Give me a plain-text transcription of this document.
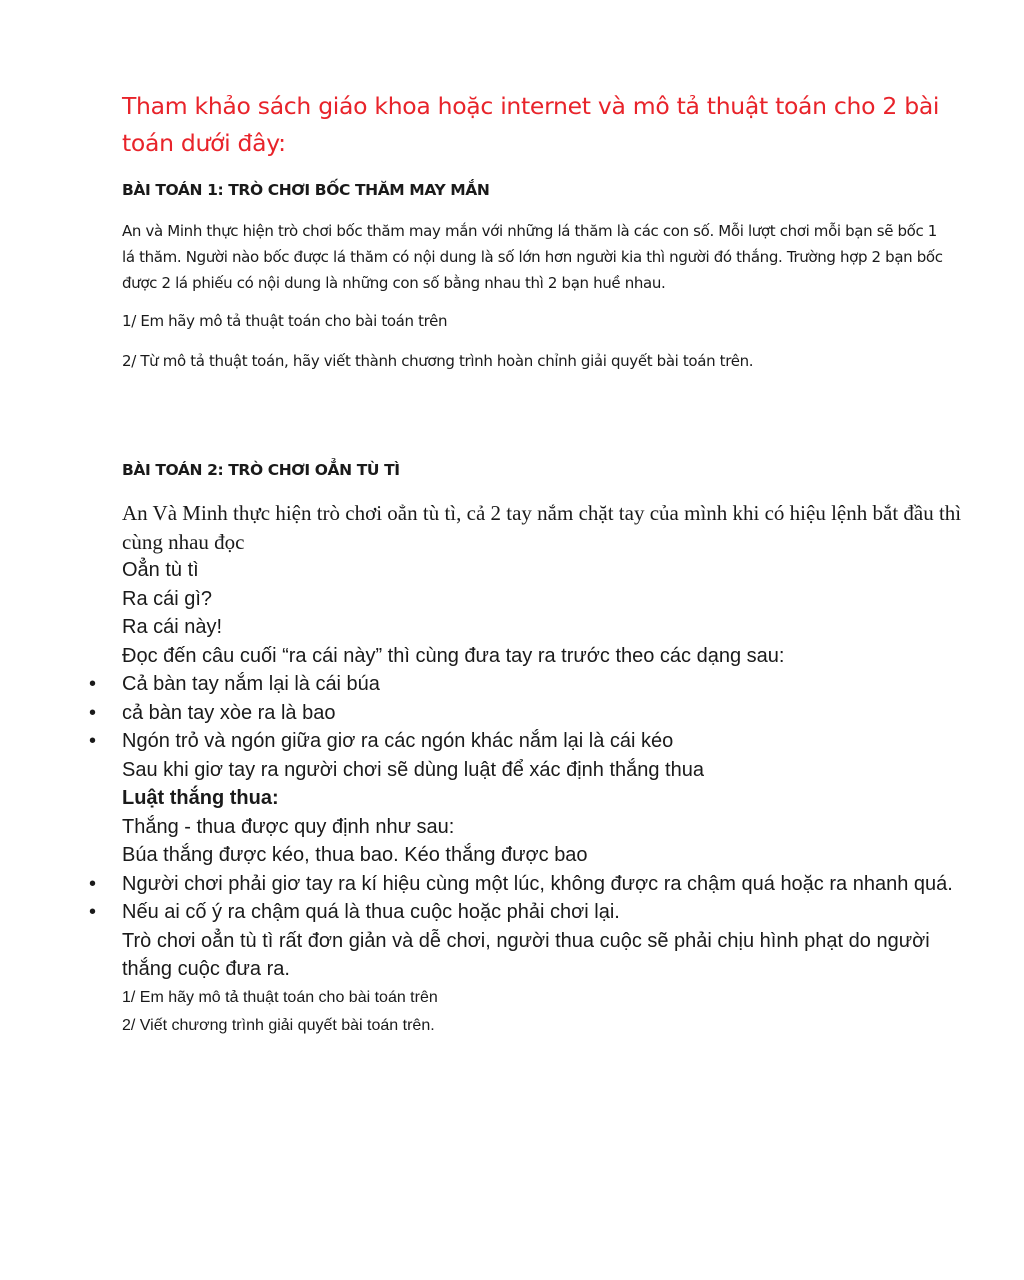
Tham khảo sách giáo khoa hoặc internet và mô tả thuật toán cho 2 bài toán dưới đây:

BÀI TOÁN 1: TRÒ CHƠI BỐC THĂM MAY MẮN

An và Minh thực hiện trò chơi bốc thăm may mắn với những lá thăm là các con số. Mỗi lượt chơi mỗi bạn sẽ bốc 1 lá thăm. Người nào bốc được lá thăm có nội dung là số lớn hơn người kia thì người đó thắng. Trường hợp 2 bạn bốc được 2 lá phiếu có nội dung là những con số bằng nhau thì 2 bạn huề nhau.

1/ Em hãy mô tả thuật toán cho bài toán trên

2/ Từ mô tả thuật toán, hãy viết thành chương trình hoàn chỉnh giải quyết bài toán trên.

BÀI TOÁN 2: TRÒ CHƠI OẲN TÙ TÌ

An Và Minh thực hiện trò chơi oẳn tù tì, cả 2 tay nắm chặt tay của mình khi có hiệu lệnh bắt đầu thì cùng nhau đọc
Oẳn tù tì
Ra cái gì?
Ra cái này!
Đọc đến câu cuối “ra cái này” thì cùng đưa tay ra trước theo các dạng sau:
• Cả bàn tay nắm lại là cái búa
• cả bàn tay xòe ra là bao
• Ngón trỏ và ngón giữa giơ ra các ngón khác nắm lại là cái kéo
Sau khi giơ tay ra người chơi sẽ dùng luật để xác định thắng thua
Luật thắng thua:
Thắng - thua được quy định như sau:
Búa thắng được kéo, thua bao. Kéo thắng được bao
• Người chơi phải giơ tay ra kí hiệu cùng một lúc, không được ra chậm quá hoặc ra nhanh quá.
• Nếu ai cố ý ra chậm quá là thua cuộc hoặc phải chơi lại.
Trò chơi oẳn tù tì rất đơn giản và dễ chơi, người thua cuộc sẽ phải chịu hình phạt do người thắng cuộc đưa ra.
1/ Em hãy mô tả thuật toán cho bài toán trên
2/ Viết chương trình giải quyết bài toán trên.
